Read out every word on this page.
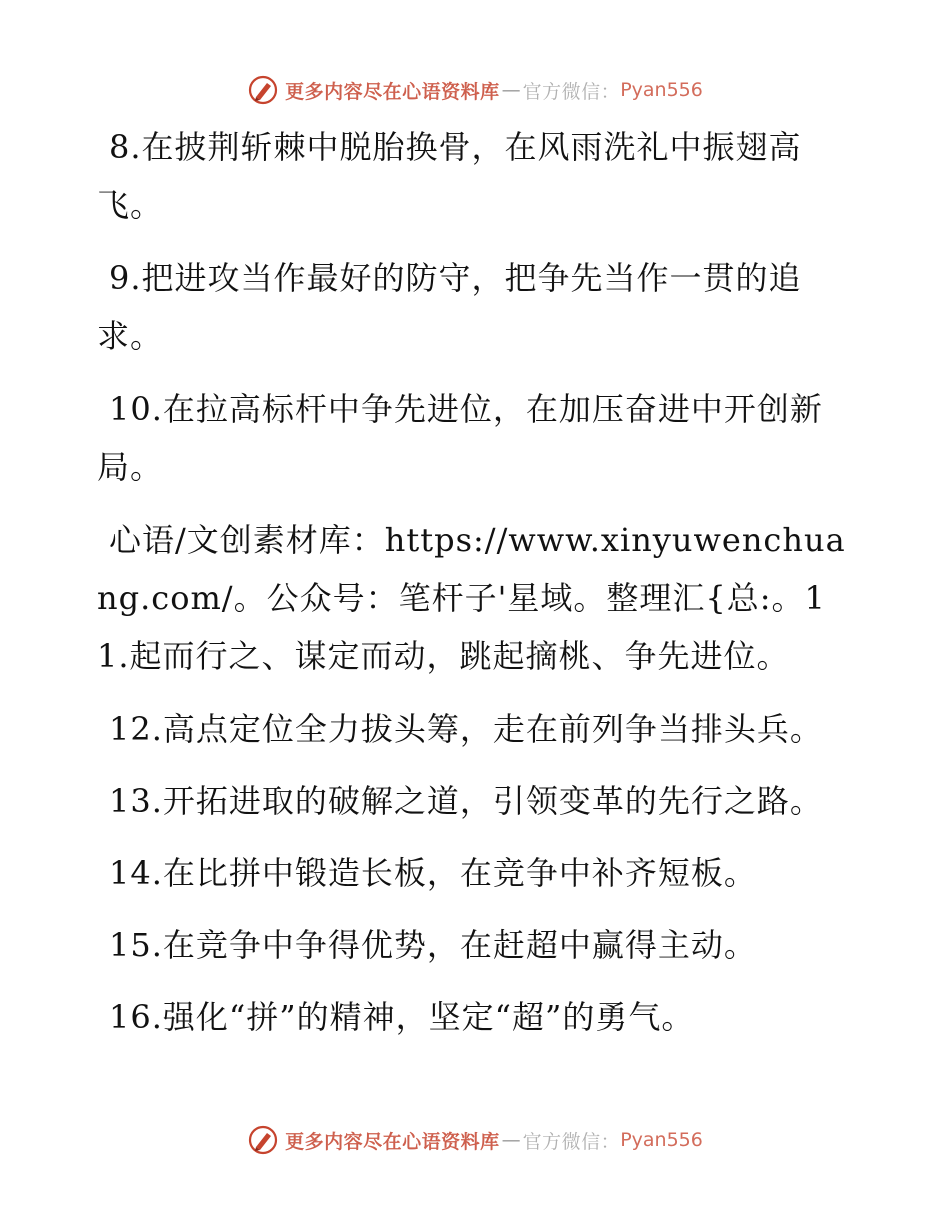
更多内容尽在心语资料库 — 官方微信： Pyan556

8.在披荆斩棘中脱胎换骨，在风雨洗礼中振翅高飞。

9.把进攻当作最好的防守，把争先当作一贯的追求。

10.在拉高标杆中争先进位，在加压奋进中开创新局。

心语/文创素材库：https://www.xinyuwenchuang.com/。公众号：笔杆子'星域。整理汇{总:。11.起而行之、谋定而动，跳起摘桃、争先进位。

12.高点定位全力拔头筹，走在前列争当排头兵。

13.开拓进取的破解之道，引领变革的先行之路。

14.在比拼中锻造长板，在竞争中补齐短板。

15.在竞争中争得优势，在赶超中赢得主动。

16.强化“拼”的精神，坚定“超”的勇气。

更多内容尽在心语资料库 — 官方微信： Pyan556
